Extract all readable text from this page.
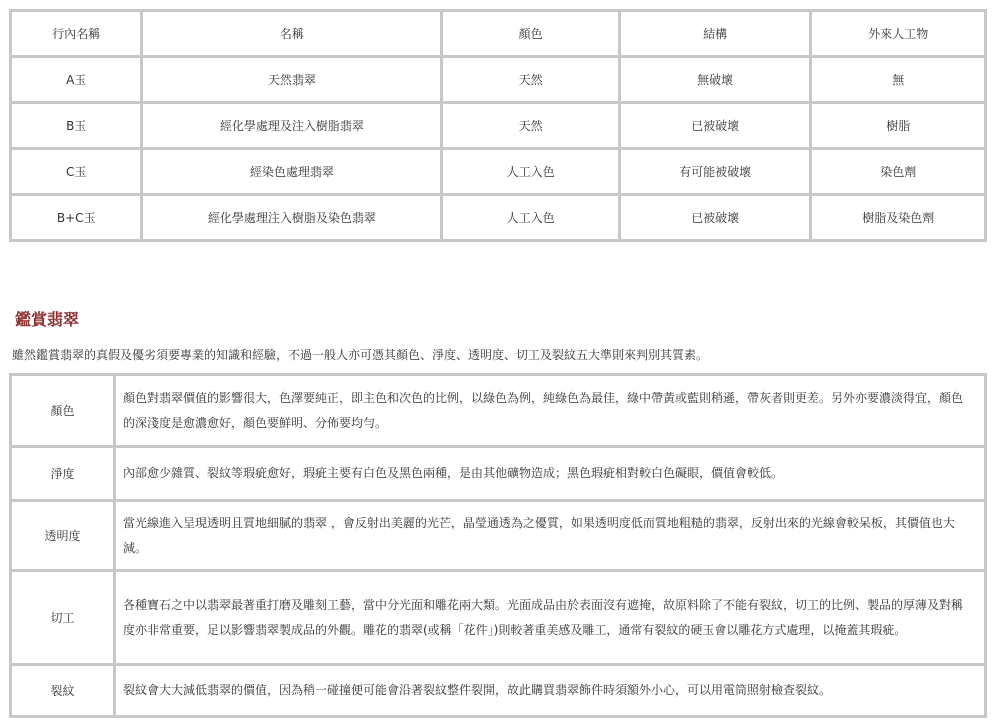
行內名稱	名稱	顏色	結構	外來人工物
A玉	天然翡翠	天然	無破壞	無
B玉	經化學處理及注入樹脂翡翠	天然	已被破壞	樹脂
C玉	經染色處理翡翠	人工入色	有可能被破壞	染色劑
B+C玉	經化學處理注入樹脂及染色翡翠	人工入色	已被破壞	樹脂及染色劑
鑑賞翡翠

雖然鑑賞翡翠的真假及優劣須要專業的知識和經驗，不過一般人亦可憑其顏色、淨度、透明度、切工及裂紋五大準則來判別其質素。

顏色	顏色對翡翠價值的影響很大，色澤要純正，即主色和次色的比例，以綠色為例，純綠色為最佳，綠中帶黃或藍則稍遜，帶灰者則更差。另外亦要濃淡得宜，顏色的深淺度是愈濃愈好，顏色要鮮明、分佈要均勻。
淨度	內部愈少雜質、裂紋等瑕疵愈好，瑕疵主要有白色及黑色兩種，是由其他礦物造成；黑色瑕疵相對較白色礙眼，價值會較低。
透明度	當光線進入呈現透明且質地細膩的翡翠 ，會反射出美麗的光芒，晶瑩通透為之優質，如果透明度低而質地粗糙的翡翠，反射出來的光線會較呆板，其價值也大減。
切工	各種寶石之中以翡翠最著重打磨及雕刻工藝，當中分光面和雕花兩大類。光面成品由於表面沒有遮掩，故原料除了不能有裂紋，切工的比例、製品的厚薄及對稱度亦非常重要，足以影響翡翠製成品的外觀。雕花的翡翠(或稱「花件」)則較著重美感及雕工，通常有裂紋的硬玉會以雕花方式處理，以掩蓋其瑕疵。
裂紋	裂紋會大大減低翡翠的價值，因為稍一碰撞便可能會沿著裂紋整件裂開，故此購買翡翠飾件時須額外小心，可以用電筒照射檢查裂紋。
